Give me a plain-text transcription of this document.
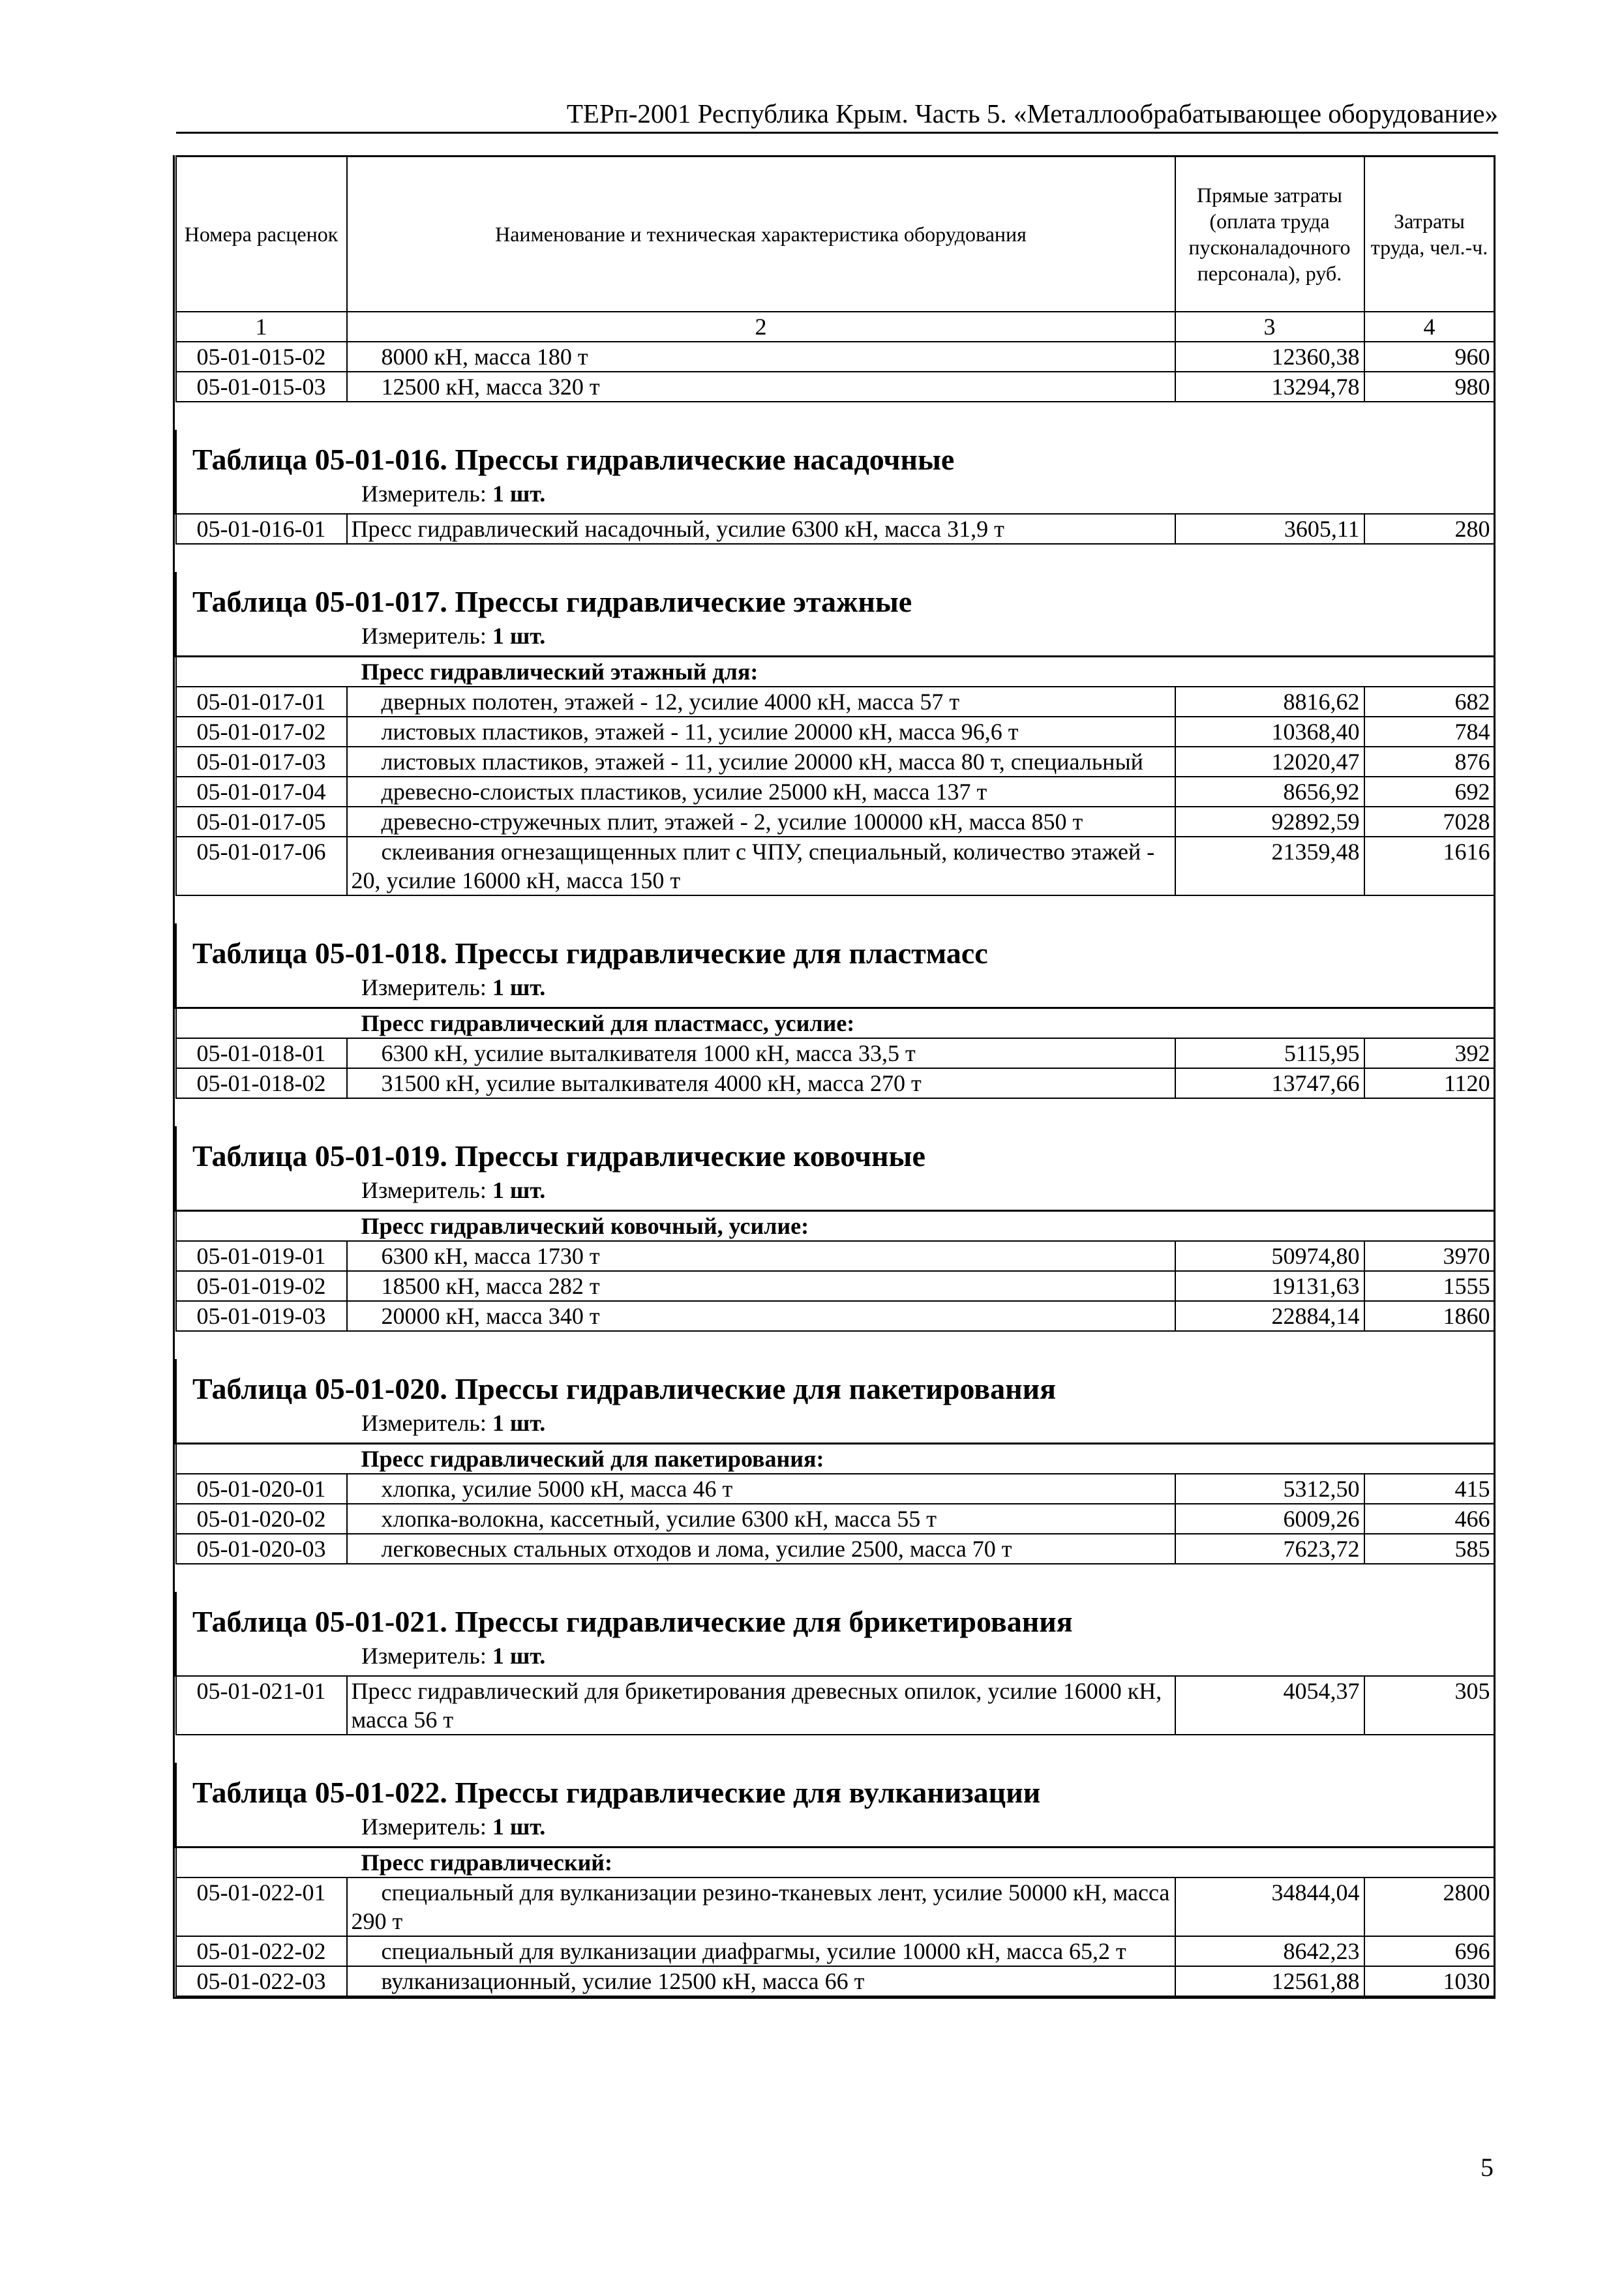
ТЕРп-2001 Республика Крым. Часть 5. «Металлообрабатывающее оборудование»
Номера расценок	Наименование и техническая характеристика оборудования	Прямые затраты (оплата труда пусконаладочного персонала), руб.	Затраты труда, чел.-ч.
1	2	3	4
05-01-015-02	8000 кН, масса 180 т	12360,38	960
05-01-015-03	12500 кН, масса 320 т	13294,78	980

Таблица 05-01-016. Прессы гидравлические насадочные			
Измеритель: 1 шт.			
05-01-016-01	Пресс гидравлический насадочный, усилие 6300 кН, масса 31,9 т	3605,11	280

Таблица 05-01-017. Прессы гидравлические этажные			
Измеритель: 1 шт.			
Пресс гидравлический этажный для:			
05-01-017-01	дверных полотен, этажей - 12, усилие 4000 кН, масса 57 т	8816,62	682
05-01-017-02	листовых пластиков, этажей - 11, усилие 20000 кН, масса 96,6 т	10368,40	784
05-01-017-03	листовых пластиков, этажей - 11, усилие 20000 кН, масса 80 т, специальный	12020,47	876
05-01-017-04	древесно-слоистых пластиков, усилие 25000 кН, масса 137 т	8656,92	692
05-01-017-05	древесно-стружечных плит, этажей - 2, усилие 100000 кН, масса 850 т	92892,59	7028
05-01-017-06	склеивания огнезащищенных плит с ЧПУ, специальный, количество этажей - 20, усилие 16000 кН, масса 150 т	21359,48	1616

Таблица 05-01-018. Прессы гидравлические для пластмасс			
Измеритель: 1 шт.			
Пресс гидравлический для пластмасс, усилие:			
05-01-018-01	6300 кН, усилие выталкивателя 1000 кН, масса 33,5 т	5115,95	392
05-01-018-02	31500 кН, усилие выталкивателя 4000 кН, масса 270 т	13747,66	1120

Таблица 05-01-019. Прессы гидравлические ковочные			
Измеритель: 1 шт.			
Пресс гидравлический ковочный, усилие:			
05-01-019-01	6300 кН, масса 1730 т	50974,80	3970
05-01-019-02	18500 кН, масса 282 т	19131,63	1555
05-01-019-03	20000 кН, масса 340 т	22884,14	1860

Таблица 05-01-020. Прессы гидравлические для пакетирования			
Измеритель: 1 шт.			
Пресс гидравлический для пакетирования:			
05-01-020-01	хлопка, усилие 5000 кН, масса 46 т	5312,50	415
05-01-020-02	хлопка-волокна, кассетный, усилие 6300 кН, масса 55 т	6009,26	466
05-01-020-03	легковесных стальных отходов и лома, усилие 2500, масса 70 т	7623,72	585

Таблица 05-01-021. Прессы гидравлические для брикетирования			
Измеритель: 1 шт.			
05-01-021-01	Пресс гидравлический для брикетирования древесных опилок, усилие 16000 кН, масса 56 т	4054,37	305

Таблица 05-01-022. Прессы гидравлические для вулканизации			
Измеритель: 1 шт.			
Пресс гидравлический:			
05-01-022-01	специальный для вулканизации резино-тканевых лент, усилие 50000 кН, масса 290 т	34844,04	2800
05-01-022-02	специальный для вулканизации диафрагмы, усилие 10000 кН, масса 65,2 т	8642,23	696
05-01-022-03	вулканизационный, усилие 12500 кН, масса 66 т	12561,88	1030
5
